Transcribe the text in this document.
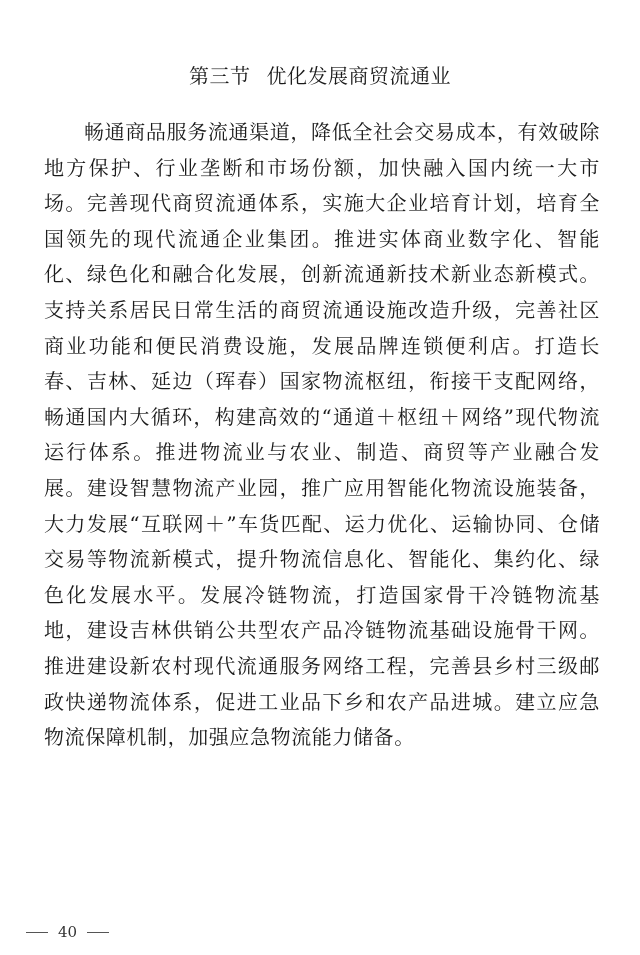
第三节 优化发展商贸流通业

畅通商品服务流通渠道，降低全社会交易成本，有效破除地方保护、行业垄断和市场份额，加快融入国内统一大市场。完善现代商贸流通体系，实施大企业培育计划，培育全国领先的现代流通企业集团。推进实体商业数字化、智能化、绿色化和融合化发展，创新流通新技术新业态新模式。支持关系居民日常生活的商贸流通设施改造升级，完善社区商业功能和便民消费设施，发展品牌连锁便利店。打造长春、吉林、延边（珲春）国家物流枢纽，衔接干支配网络，畅通国内大循环，构建高效的“通道＋枢纽＋网络”现代物流运行体系。推进物流业与农业、制造、商贸等产业融合发展。建设智慧物流产业园，推广应用智能化物流设施装备，大力发展“互联网＋”车货匹配、运力优化、运输协同、仓储交易等物流新模式，提升物流信息化、智能化、集约化、绿色化发展水平。发展冷链物流，打造国家骨干冷链物流基地，建设吉林供销公共型农产品冷链物流基础设施骨干网。推进建设新农村现代流通服务网络工程，完善县乡村三级邮政快递物流体系，促进工业品下乡和农产品进城。建立应急物流保障机制，加强应急物流能力储备。

40
